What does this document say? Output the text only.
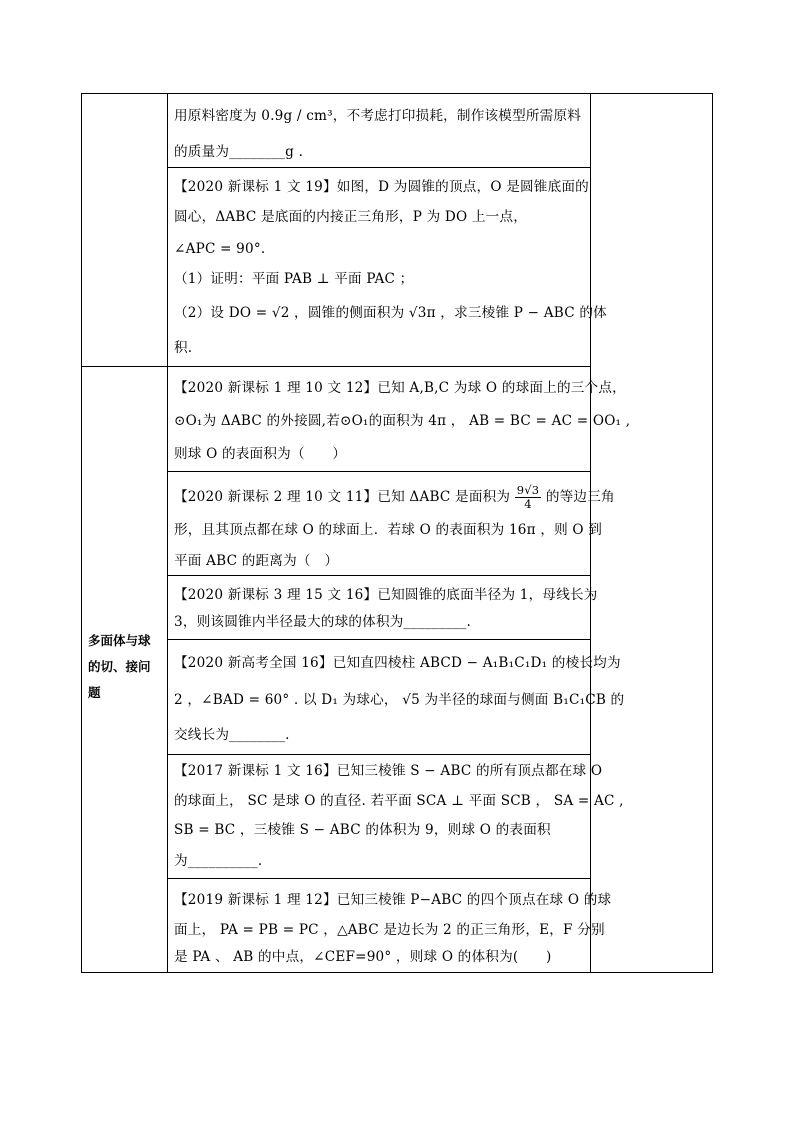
多面体与球
的切、接问
题
用原料密度为 0.9g / cm³，不考虑打印损耗，制作该模型所需原料
的质量为________g .
【2020 新课标 1 文 19】如图，D 为圆锥的顶点，O 是圆锥底面的
圆心，ΔABC 是底面的内接正三角形，P 为 DO 上一点，
∠APC = 90°.
（1）证明：平面 PAB ⊥ 平面 PAC ；
（2）设 DO = √2 ，圆锥的侧面积为 √3π ，求三棱锥 P − ABC 的体
积.
【2020 新课标 1 理 10 文 12】已知 A,B,C 为球 O 的球面上的三个点，
⊙O₁为 ΔABC 的外接圆,若⊙O₁的面积为 4π ， AB = BC = AC = OO₁ ,
则球 O 的表面积为（　　）
【2020 新课标 2 理 10 文 11】已知 ΔABC 是面积为 $\frac{9√3}{4}$ 的等边三角
形，且其顶点都在球 O 的球面上．若球 O 的表面积为 16π ，则 O 到
平面 ABC 的距离为（　）
【2020 新课标 3 理 15 文 16】已知圆锥的底面半径为 1，母线长为
3，则该圆锥内半径最大的球的体积为_________.
【2020 新高考全国 16】已知直四棱柱 ABCD − A₁B₁C₁D₁ 的棱长均为
2 ，∠BAD = 60° . 以 D₁ 为球心， √5 为半径的球面与侧面 B₁C₁CB 的
交线长为________.
【2017 新课标 1 文 16】已知三棱锥 S − ABC 的所有顶点都在球 O
的球面上， SC 是球 O 的直径. 若平面 SCA ⊥ 平面 SCB ， SA = AC ,
SB = BC ，三棱锥 S − ABC 的体积为 9，则球 O 的表面积
为__________.
【2019 新课标 1 理 12】已知三棱锥 P−ABC 的四个顶点在球 O 的球
面上， PA = PB = PC ，△ABC 是边长为 2 的正三角形，E，F 分别
是 PA 、 AB 的中点，∠CEF=90° ，则球 O 的体积为(　　)
